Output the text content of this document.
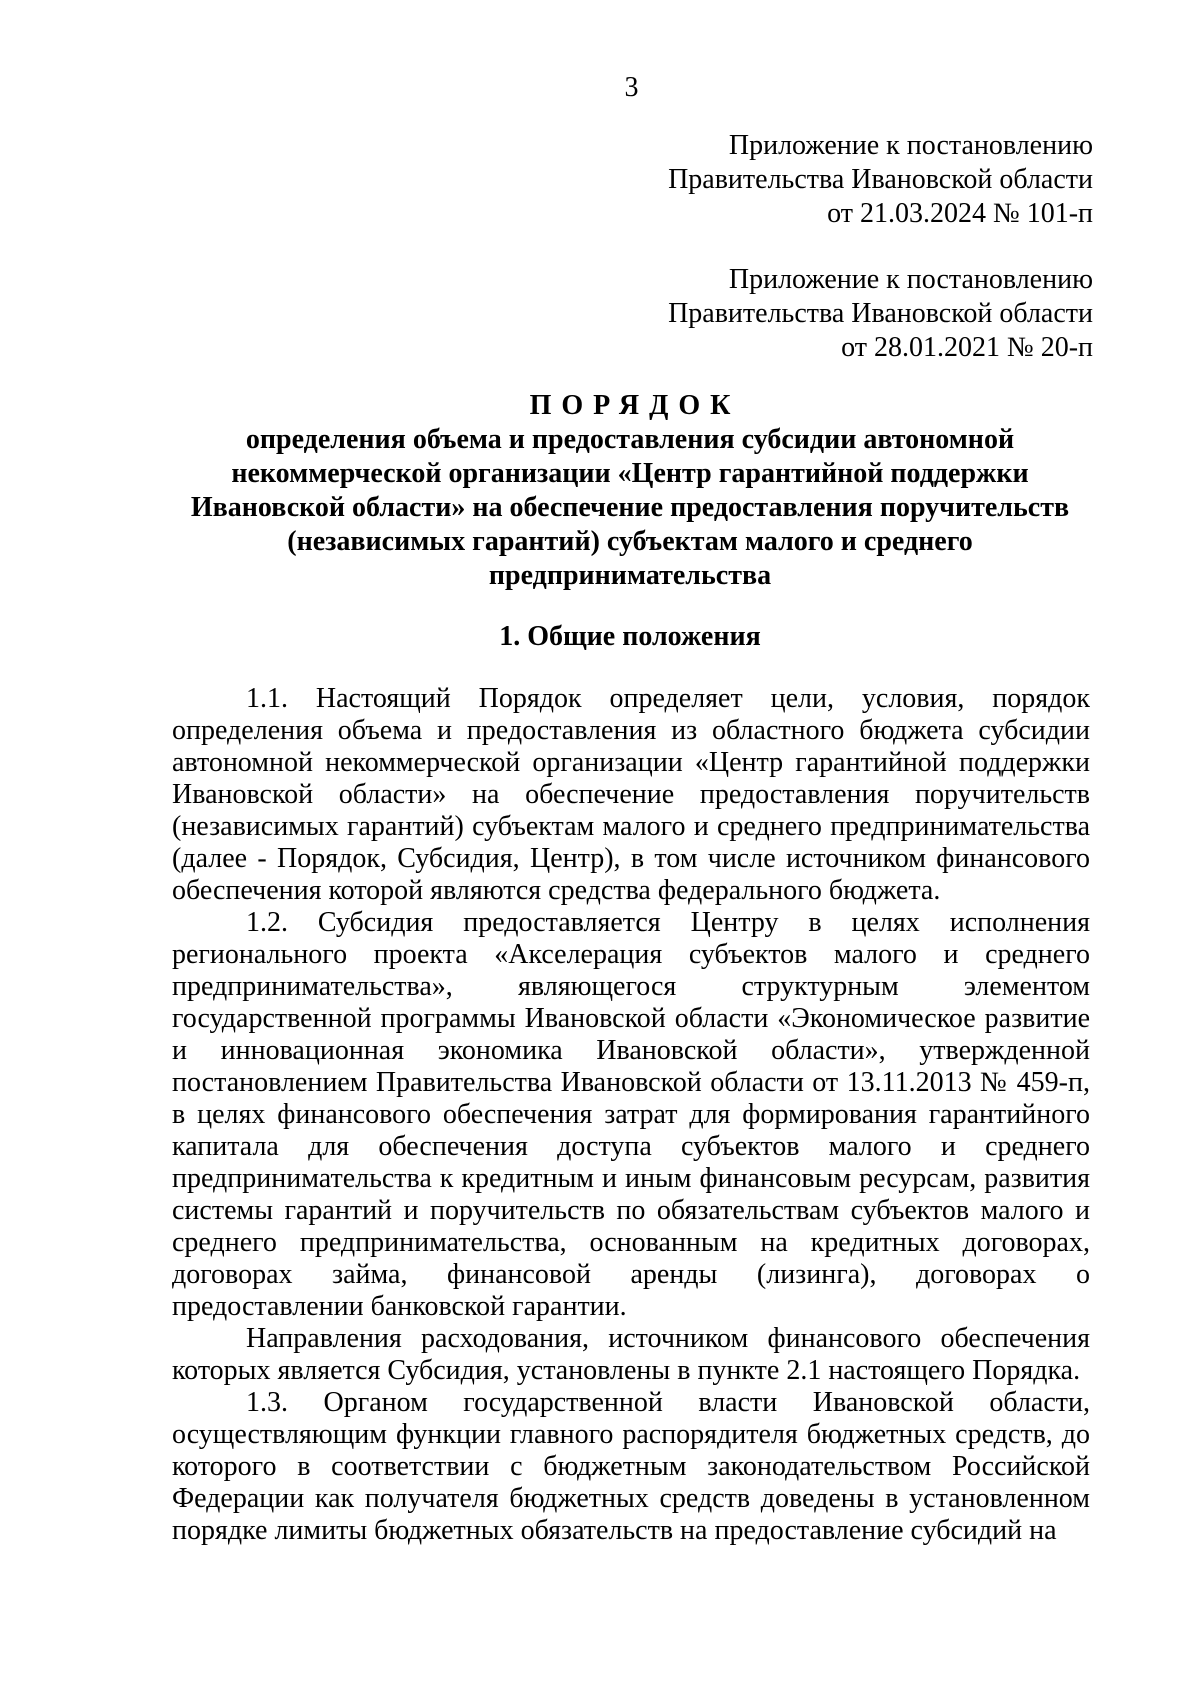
3
Приложение к постановлению
Правительства Ивановской области
от 21.03.2024 № 101-п
Приложение к постановлению
Правительства Ивановской области
от 28.01.2021 № 20-п
ПОРЯДОК
определения объема и предоставления субсидии автономной
некоммерческой организации «Центр гарантийной поддержки
Ивановской области» на обеспечение предоставления поручительств
(независимых гарантий) субъектам малого и среднего
предпринимательства
1. Общие положения

1.1. Настоящий Порядок определяет цели, условия, порядок определения объема и предоставления из областного бюджета субсидии автономной некоммерческой организации «Центр гарантийной поддержки Ивановской области» на обеспечение предоставления поручительств (независимых гарантий) субъектам малого и среднего предпринимательства (далее - Порядок, Субсидия, Центр), в том числе источником финансового обеспечения которой являются средства федерального бюджета.

1.2. Субсидия предоставляется Центру в целях исполнения регионального проекта «Акселерация субъектов малого и среднего предпринимательства», являющегося структурным элементом государственной программы Ивановской области «Экономическое развитие и инновационная экономика Ивановской области», утвержденной постановлением Правительства Ивановской области от 13.11.2013 № 459-п, в целях финансового обеспечения затрат для формирования гарантийного капитала для обеспечения доступа субъектов малого и среднего предпринимательства к кредитным и иным финансовым ресурсам, развития системы гарантий и поручительств по обязательствам субъектов малого и среднего предпринимательства, основанным на кредитных договорах, договорах займа, финансовой аренды (лизинга), договорах о предоставлении банковской гарантии.

Направления расходования, источником финансового обеспечения которых является Субсидия, установлены в пункте 2.1 настоящего Порядка.

1.3. Органом государственной власти Ивановской области, осуществляющим функции главного распорядителя бюджетных средств, до которого в соответствии с бюджетным законодательством Российской Федерации как получателя бюджетных средств доведены в установленном порядке лимиты бюджетных обязательств на предоставление субсидий на
